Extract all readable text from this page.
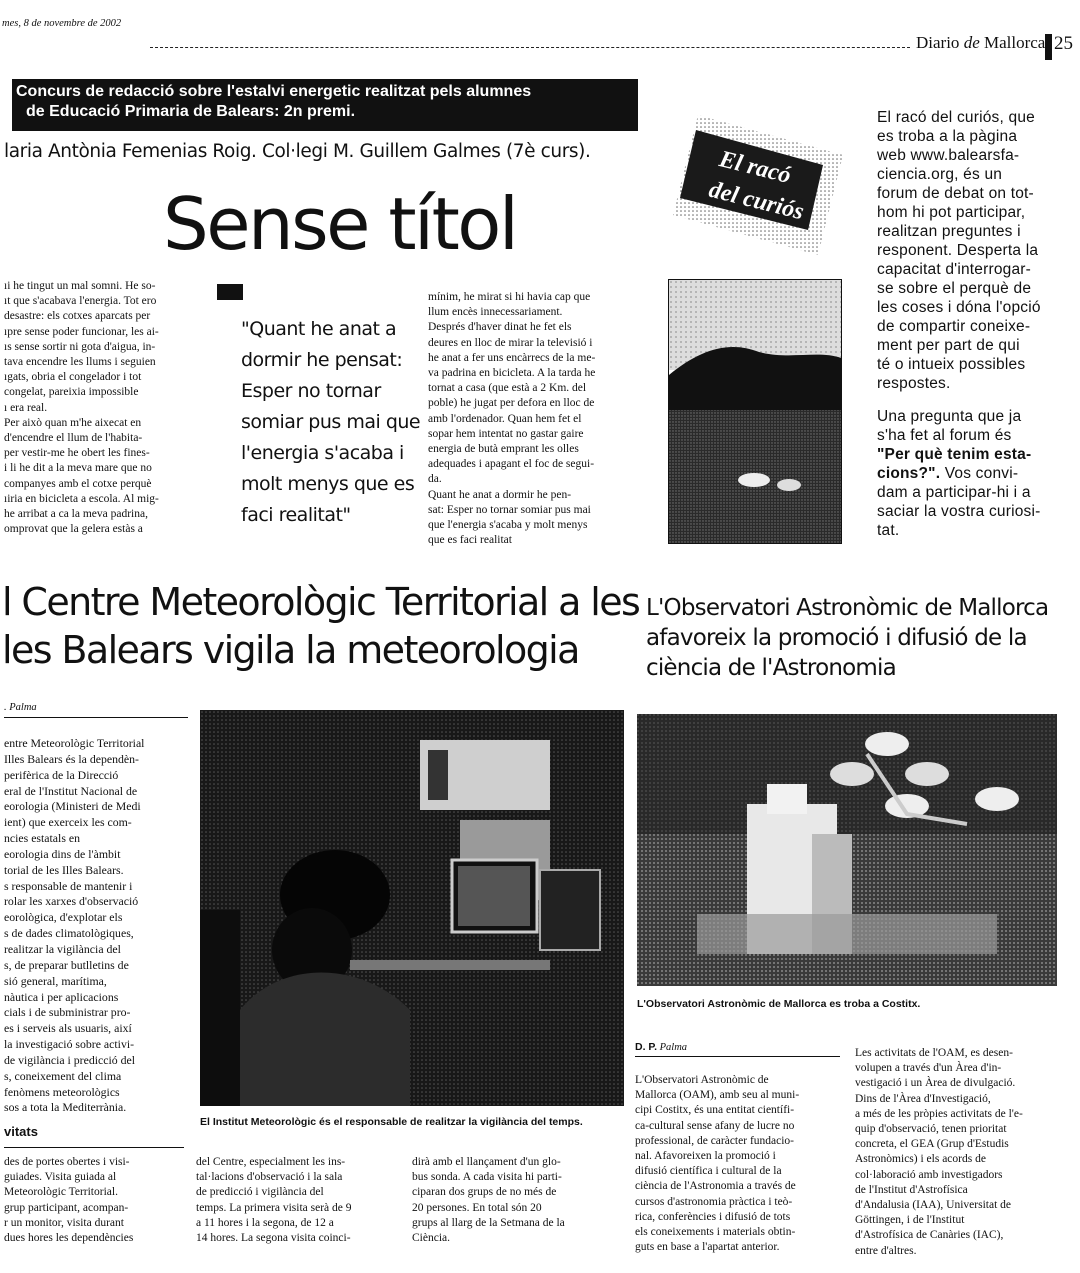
mes, 8 de novembre de 2002
Diario de Mallorca 25
Concurs de redacció sobre l'estalvi energetic realitzat pels alumnes
de Educació Primaria de Balears: 2n premi.
laria Antònia Femenias Roig. Col·legi M. Guillem Galmes (7è curs).
Sense títol
ıi he tingut un mal somni. He so-
ıt que s'acabava l'energia. Tot ero
desastre: els cotxes aparcats per
ıpre sense poder funcionar, les ai-
ıs sense sortir ni gota d'aigua, in-
tava encendre les llums i seguien
ıgats, obria el congelador i tot
congelat, pareixia impossible
ı era real.
Per això quan m'he aixecat en
d'encendre el llum de l'habita-
per vestir-me he obert les fines-
i li he dit a la meva mare que no
companyes amb el cotxe perquè
ıiria en bicicleta a escola. Al mig-
he arribat a ca la meva padrina,
omprovat que la gelera estàs a
"Quant he anat a
dormir he pensat:
Esper no tornar
somiar pus mai que
l'energia s'acaba i
molt menys que es
faci realitat"
mínim, he mirat si hi havia cap que
llum encès innecessariament.
Després d'haver dinat he fet els
deures en lloc de mirar la televisió i
he anat a fer uns encàrrecs de la me-
va padrina en bicicleta. A la tarda he
tornat a casa (que està a 2 Km. del
poble) he jugat per defora en lloc de
amb l'ordenador. Quan hem fet el
sopar hem intentat no gastar gaire
energia de butà emprant les olles
adequades i apagant el foc de segui-
da.
Quant he anat a dormir he pen-
sat: Esper no tornar somiar pus mai
que l'energia s'acaba y molt menys
que es faci realitat
El racó
del curiós
El racó del curiós, que
es troba a la pàgina
web www.balearsfa-
ciencia.org, és un
forum de debat on tot-
hom hi pot participar,
realitzan preguntes i
responent. Desperta la
capacitat d'interrogar-
se sobre el perquè de
les coses i dóna l'opció
de compartir coneixe-
ment per part de qui
té o intueix possibles
respostes.
Una pregunta que ja
s'ha fet al forum és
"Per què tenim esta-
cions?". Vos convi-
dam a participar-hi i a
saciar la vostra curiosi-
tat.
l Centre Meteorològic Territorial a les
les Balears vigila la meteorologia
L'Observatori Astronòmic de Mallorca
afavoreix la promoció i difusió de la
ciència de l'Astronomia
. Palma
entre Meteorològic Territorial
Illes Balears és la dependèn-
perifèrica de la Direcció
eral de l'Institut Nacional de
eorologia (Ministeri de Medi
ient) que exerceix les com-
ncies estatals en
eorologia dins de l'àmbit
torial de les Illes Balears.
s responsable de mantenir i
rolar les xarxes d'observació
eorològica, d'explotar els
s de dades climatològiques,
realitzar la vigilància del
s, de preparar butlletins de
sió general, marítima,
nàutica i per aplicacions
cials i de subministrar pro-
es i serveis als usuaris, així
la investigació sobre activi-
de vigilància i predicció del
s, coneixement del clima
fenòmens meteorològics
sos a tota la Mediterrània.
El Institut Meteorològic és el responsable de realitzar la vigilància del temps.
L'Observatori Astronòmic de Mallorca es troba a Costitx.
D. P. Palma
L'Observatori Astronòmic de
Mallorca (OAM), amb seu al muni-
cipi Costitx, és una entitat científi-
ca-cultural sense afany de lucre no
professional, de caràcter fundacio-
nal. Afavoreixen la promoció i
difusió científica i cultural de la
ciència de l'Astronomia a través de
cursos d'astronomia pràctica i teò-
rica, conferències i difusió de tots
els coneixements i materials obtin-
guts en base a l'apartat anterior.
Les activitats de l'OAM, es desen-
volupen a través d'un Àrea d'in-
vestigació i un Àrea de divulgació.
Dins de l'Àrea d'Investigació,
a més de les pròpies activitats de l'e-
quip d'observació, tenen prioritat
concreta, el GEA (Grup d'Estudis
Astronòmics) i els acords de
col·laboració amb investigadors
de l'Institut d'Astrofísica
d'Andalusia (IAA), Universitat de
Göttingen, i de l'Institut
d'Astrofísica de Canàries (IAC),
entre d'altres.
vitats
des de portes obertes i visi-
guiades. Visita guiada al
Meteorològic Territorial.
grup participant, acompan-
r un monitor, visita durant
dues hores les dependències
del Centre, especialment les ins-
tal·lacions d'observació i la sala
de predicció i vigilància del
temps. La primera visita serà de 9
a 11 hores i la segona, de 12 a
14 hores. La segona visita coinci-
dirà amb el llançament d'un glo-
bus sonda. A cada visita hi parti-
ciparan dos grups de no més de
20 persones. En total són 20
grups al llarg de la Setmana de la
Ciència.
